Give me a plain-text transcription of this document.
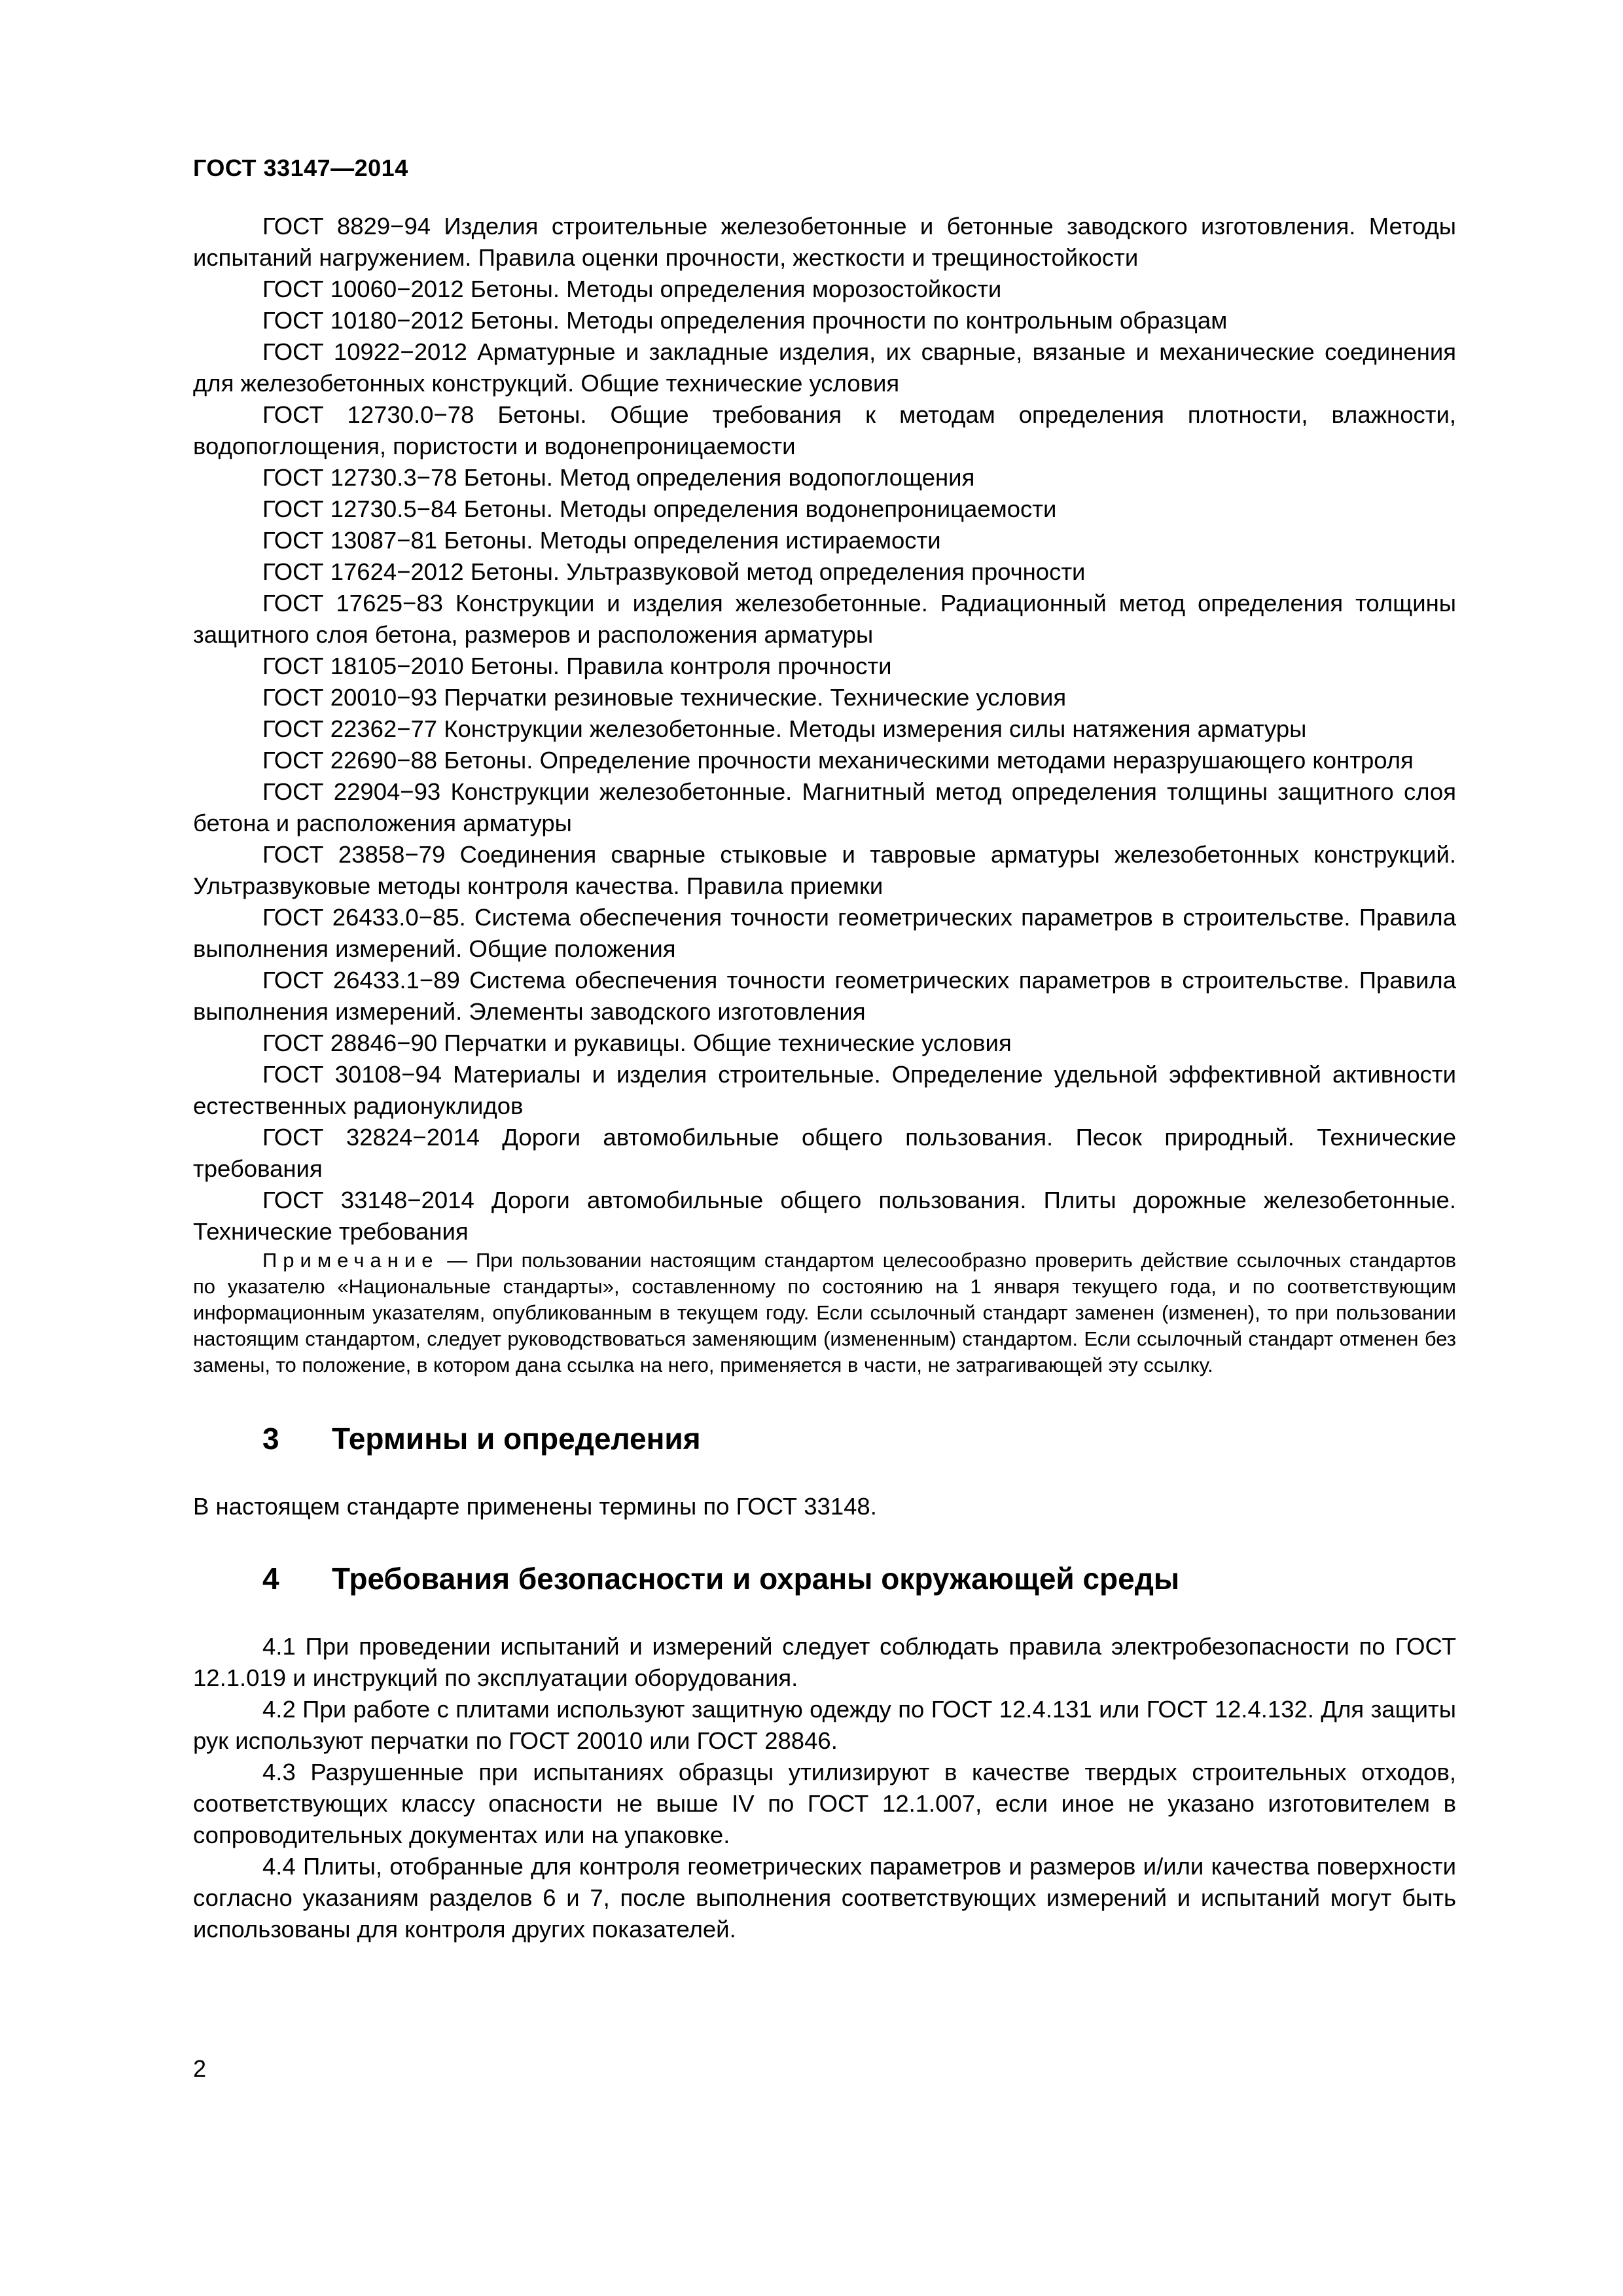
ГОСТ 33147—2014

ГОСТ 8829−94 Изделия строительные железобетонные и бетонные заводского изготовления. Методы испытаний нагружением. Правила оценки прочности, жесткости и трещиностойкости

ГОСТ 10060−2012 Бетоны. Методы определения морозостойкости

ГОСТ 10180−2012 Бетоны. Методы определения прочности по контрольным образцам

ГОСТ 10922−2012 Арматурные и закладные изделия, их сварные, вязаные и механические соединения для железобетонных конструкций. Общие технические условия

ГОСТ 12730.0−78 Бетоны. Общие требования к методам определения плотности, влажности, водопоглощения, пористости и водонепроницаемости

ГОСТ 12730.3−78 Бетоны. Метод определения водопоглощения

ГОСТ 12730.5−84 Бетоны. Методы определения водонепроницаемости

ГОСТ 13087−81 Бетоны. Методы определения истираемости

ГОСТ 17624−2012 Бетоны. Ультразвуковой метод определения прочности

ГОСТ 17625−83 Конструкции и изделия железобетонные. Радиационный метод определения толщины защитного слоя бетона, размеров и расположения арматуры

ГОСТ 18105−2010 Бетоны. Правила контроля прочности

ГОСТ 20010−93 Перчатки резиновые технические. Технические условия

ГОСТ 22362−77 Конструкции железобетонные. Методы измерения силы натяжения арматуры

ГОСТ 22690−88 Бетоны. Определение прочности механическими методами неразрушающего контроля

ГОСТ 22904−93 Конструкции железобетонные. Магнитный метод определения толщины защитного слоя бетона и расположения арматуры

ГОСТ 23858−79 Соединения сварные стыковые и тавровые арматуры железобетонных конструкций. Ультразвуковые методы контроля качества. Правила приемки

ГОСТ 26433.0−85. Система обеспечения точности геометрических параметров в строительстве. Правила выполнения измерений. Общие положения

ГОСТ 26433.1−89 Система обеспечения точности геометрических параметров в строительстве. Правила выполнения измерений. Элементы заводского изготовления

ГОСТ 28846−90 Перчатки и рукавицы. Общие технические условия

ГОСТ 30108−94 Материалы и изделия строительные. Определение удельной эффективной активности естественных радионуклидов

ГОСТ 32824−2014 Дороги автомобильные общего пользования. Песок природный. Технические требования

ГОСТ 33148−2014 Дороги автомобильные общего пользования. Плиты дорожные железобетонные. Технические требования

Примечание — При пользовании настоящим стандартом целесообразно проверить действие ссылочных стандартов по указателю «Национальные стандарты», составленному по состоянию на 1 января текущего года, и по соответствующим информационным указателям, опубликованным в текущем году. Если ссылочный стандарт заменен (изменен), то при пользовании настоящим стандартом, следует руководствоваться заменяющим (измененным) стандартом. Если ссылочный стандарт отменен без замены, то положение, в котором дана ссылка на него, применяется в части, не затрагивающей эту ссылку.

3	Термины и определения

В настоящем стандарте применены термины по ГОСТ 33148.

4	Требования безопасности и охраны окружающей среды

4.1 При проведении испытаний и измерений следует соблюдать правила электробезопасности по ГОСТ 12.1.019 и инструкций по эксплуатации оборудования.

4.2 При работе с плитами используют защитную одежду по ГОСТ 12.4.131 или ГОСТ 12.4.132. Для защиты рук используют перчатки по ГОСТ 20010 или ГОСТ 28846.

4.3 Разрушенные при испытаниях образцы утилизируют в качестве твердых строительных отходов, соответствующих классу опасности не выше IV по ГОСТ 12.1.007, если иное не указано изготовителем в сопроводительных документах или на упаковке.

4.4 Плиты, отобранные для контроля геометрических параметров и размеров и/или качества поверхности согласно указаниям разделов 6 и 7, после выполнения соответствующих измерений и испытаний могут быть использованы для контроля других показателей.

2
